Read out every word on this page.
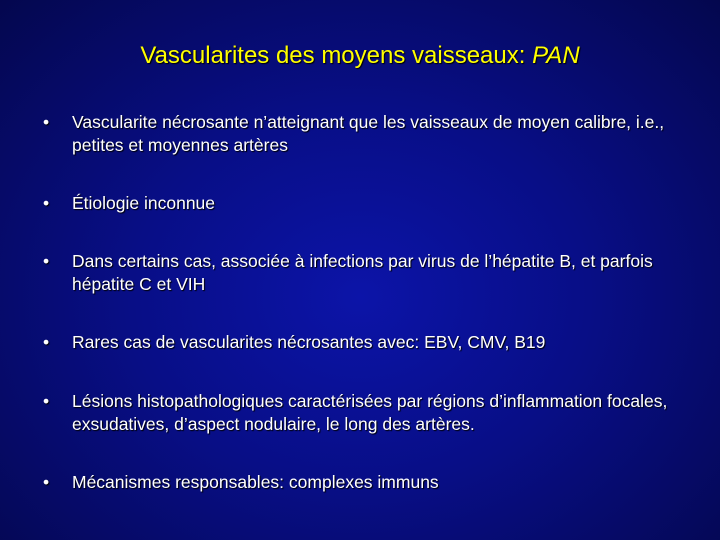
Vascularites des moyens vaisseaux: PAN
•	Vascularite nécrosante n’atteignant que les vaisseaux de moyen calibre, i.e., petites et moyennes artères
•	Étiologie inconnue
•	Dans certains cas, associée à infections par virus de l’hépatite B, et parfois hépatite C et VIH
•	Rares cas de vascularites nécrosantes avec: EBV, CMV, B19
•	Lésions histopathologiques caractérisées par régions d’inflammation focales, exsudatives, d’aspect nodulaire, le long des artères.
•	Mécanismes responsables: complexes immuns
